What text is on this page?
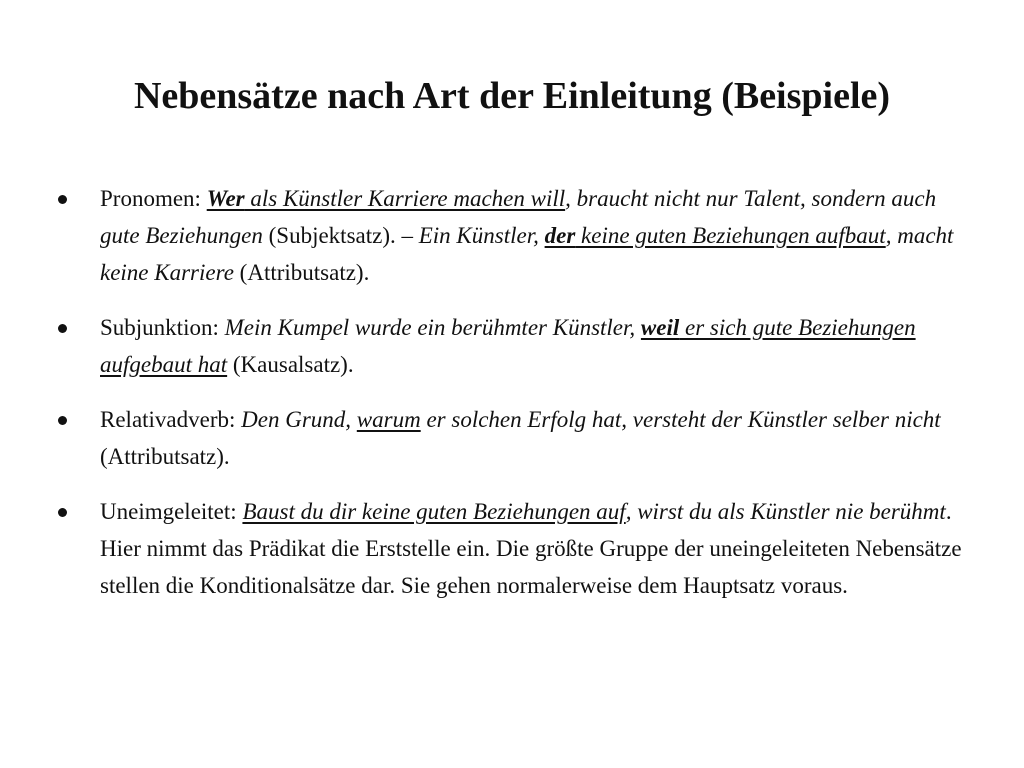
Nebensätze nach Art der Einleitung (Beispiele)
Pronomen: Wer als Künstler Karriere machen will, braucht nicht nur Talent, sondern auch gute Beziehungen (Subjektsatz). – Ein Künstler, der keine guten Beziehungen aufbaut, macht keine Karriere (Attributsatz).
Subjunktion: Mein Kumpel wurde ein berühmter Künstler, weil er sich gute Beziehungen aufgebaut hat (Kausalsatz).
Relativadverb: Den Grund, warum er solchen Erfolg hat, versteht der Künstler selber nicht (Attributsatz).
Uneimgeleitet: Baust du dir keine guten Beziehungen auf, wirst du als Künstler nie berühmt. Hier nimmt das Prädikat die Erststelle ein. Die größte Gruppe der uneingeleiteten Nebensätze stellen die Konditionalsätze dar. Sie gehen normalerweise dem Hauptsatz voraus.
